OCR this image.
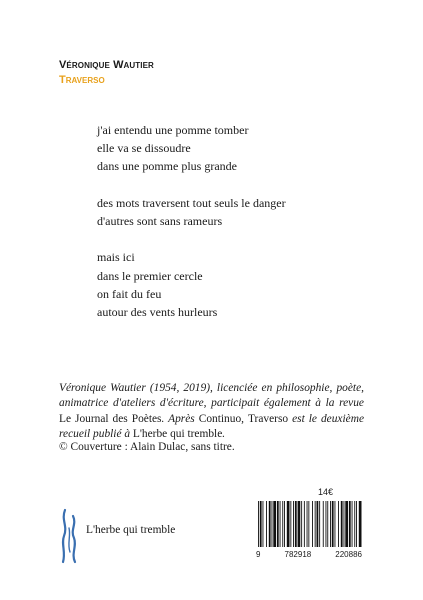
Véronique Wautier
Traverso
j'ai entendu une pomme tomber
elle va se dissoudre
dans une pomme plus grande
des mots traversent tout seuls le danger
d'autres sont sans rameurs
mais ici
dans le premier cercle
on fait du feu
autour des vents hurleurs
Véronique Wautier (1954, 2019), licenciée en philosophie, poète, animatrice d'ateliers d'écriture, participait également à la revue Le Journal des Poètes. Après Continuo, Traverso est le deuxième recueil publié à L'herbe qui tremble.
© Couverture : Alain Dulac, sans titre.
14€
9	782918	220886
L'herbe qui tremble
